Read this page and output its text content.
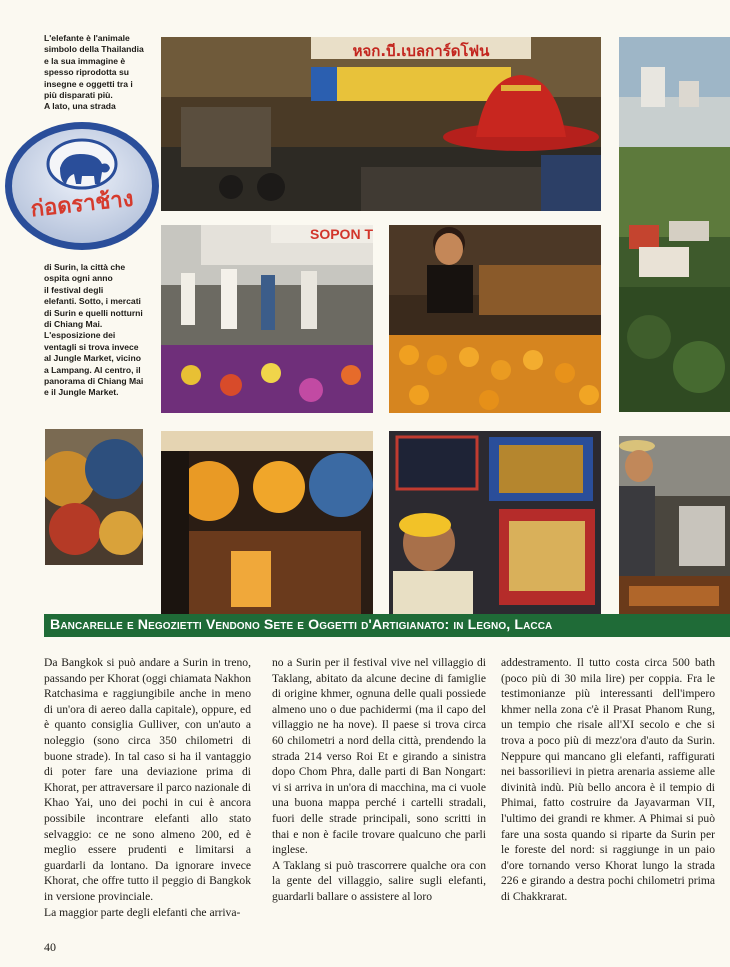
L'elefante è l'animale
simbolo della Thailandia
e la sua immagine è
spesso riprodotta su
insegne e oggetti tra i
più disparati più.
A lato, una strada
ก่อดราช้าง
di Surin, la città che
ospita ogni anno
il festival degli
elefanti. Sotto, i mercati
di Surin e quelli notturni
di Chiang Mai.
L'esposizione dei
ventagli si trova invece
al Jungle Market, vicino
a Lampang. Al centro, il
panorama di Chiang Mai
e il Jungle Market.
หจก.บี.เบลการ์ดโฟน
SOPON T
Bancarelle e Negozietti Vendono Sete e Oggetti d'Artigianato: in Legno, Lacca

Da Bangkok si può andare a Surin in treno, passando per Khorat (oggi chiamata Nakhon Ratchasima e raggiungibile anche in meno di un'ora di aereo dalla capitale), oppure, ed è quanto consiglia Gulliver, con un'auto a noleggio (sono circa 350 chilometri di buone strade). In tal caso si ha il vantaggio di poter fare una deviazione prima di Khorat, per attraversare il parco nazionale di Khao Yai, uno dei pochi in cui è ancora possibile incontrare elefanti allo stato selvaggio: ce ne sono almeno 200, ed è meglio essere prudenti e limitarsi a guardarli da lontano. Da ignorare invece Khorat, che offre tutto il peggio di Bangkok in versione provinciale.

La maggior parte degli elefanti che arriva-

no a Surin per il festival vive nel villaggio di Taklang, abitato da alcune decine di famiglie di origine khmer, ognuna delle quali possiede almeno uno o due pachidermi (ma il capo del villaggio ne ha nove). Il paese si trova circa 60 chilometri a nord della città, prendendo la strada 214 verso Roi Et e girando a sinistra dopo Chom Phra, dalle parti di Ban Nongart: vi si arriva in un'ora di macchina, ma ci vuole una buona mappa perché i cartelli stradali, fuori delle strade principali, sono scritti in thai e non è facile trovare qualcuno che parli inglese.

A Taklang si può trascorrere qualche ora con la gente del villaggio, salire sugli elefanti, guardarli ballare o assistere al loro

addestramento. Il tutto costa circa 500 bath (poco più di 30 mila lire) per coppia. Fra le testimonianze più interessanti dell'impero khmer nella zona c'è il Prasat Phanom Rung, un tempio che risale all'XI secolo e che si trova a poco più di mezz'ora d'auto da Surin. Neppure qui mancano gli elefanti, raffigurati nei bassorilievi in pietra arenaria assieme alle divinità indù. Più bello ancora è il tempio di Phimai, fatto costruire da Jayavarman VII, l'ultimo dei grandi re khmer. A Phimai si può fare una sosta quando si riparte da Surin per le foreste del nord: si raggiunge in un paio d'ore tornando verso Khorat lungo la strada 226 e girando a destra pochi chilometri prima di Chakkrarat.

40
